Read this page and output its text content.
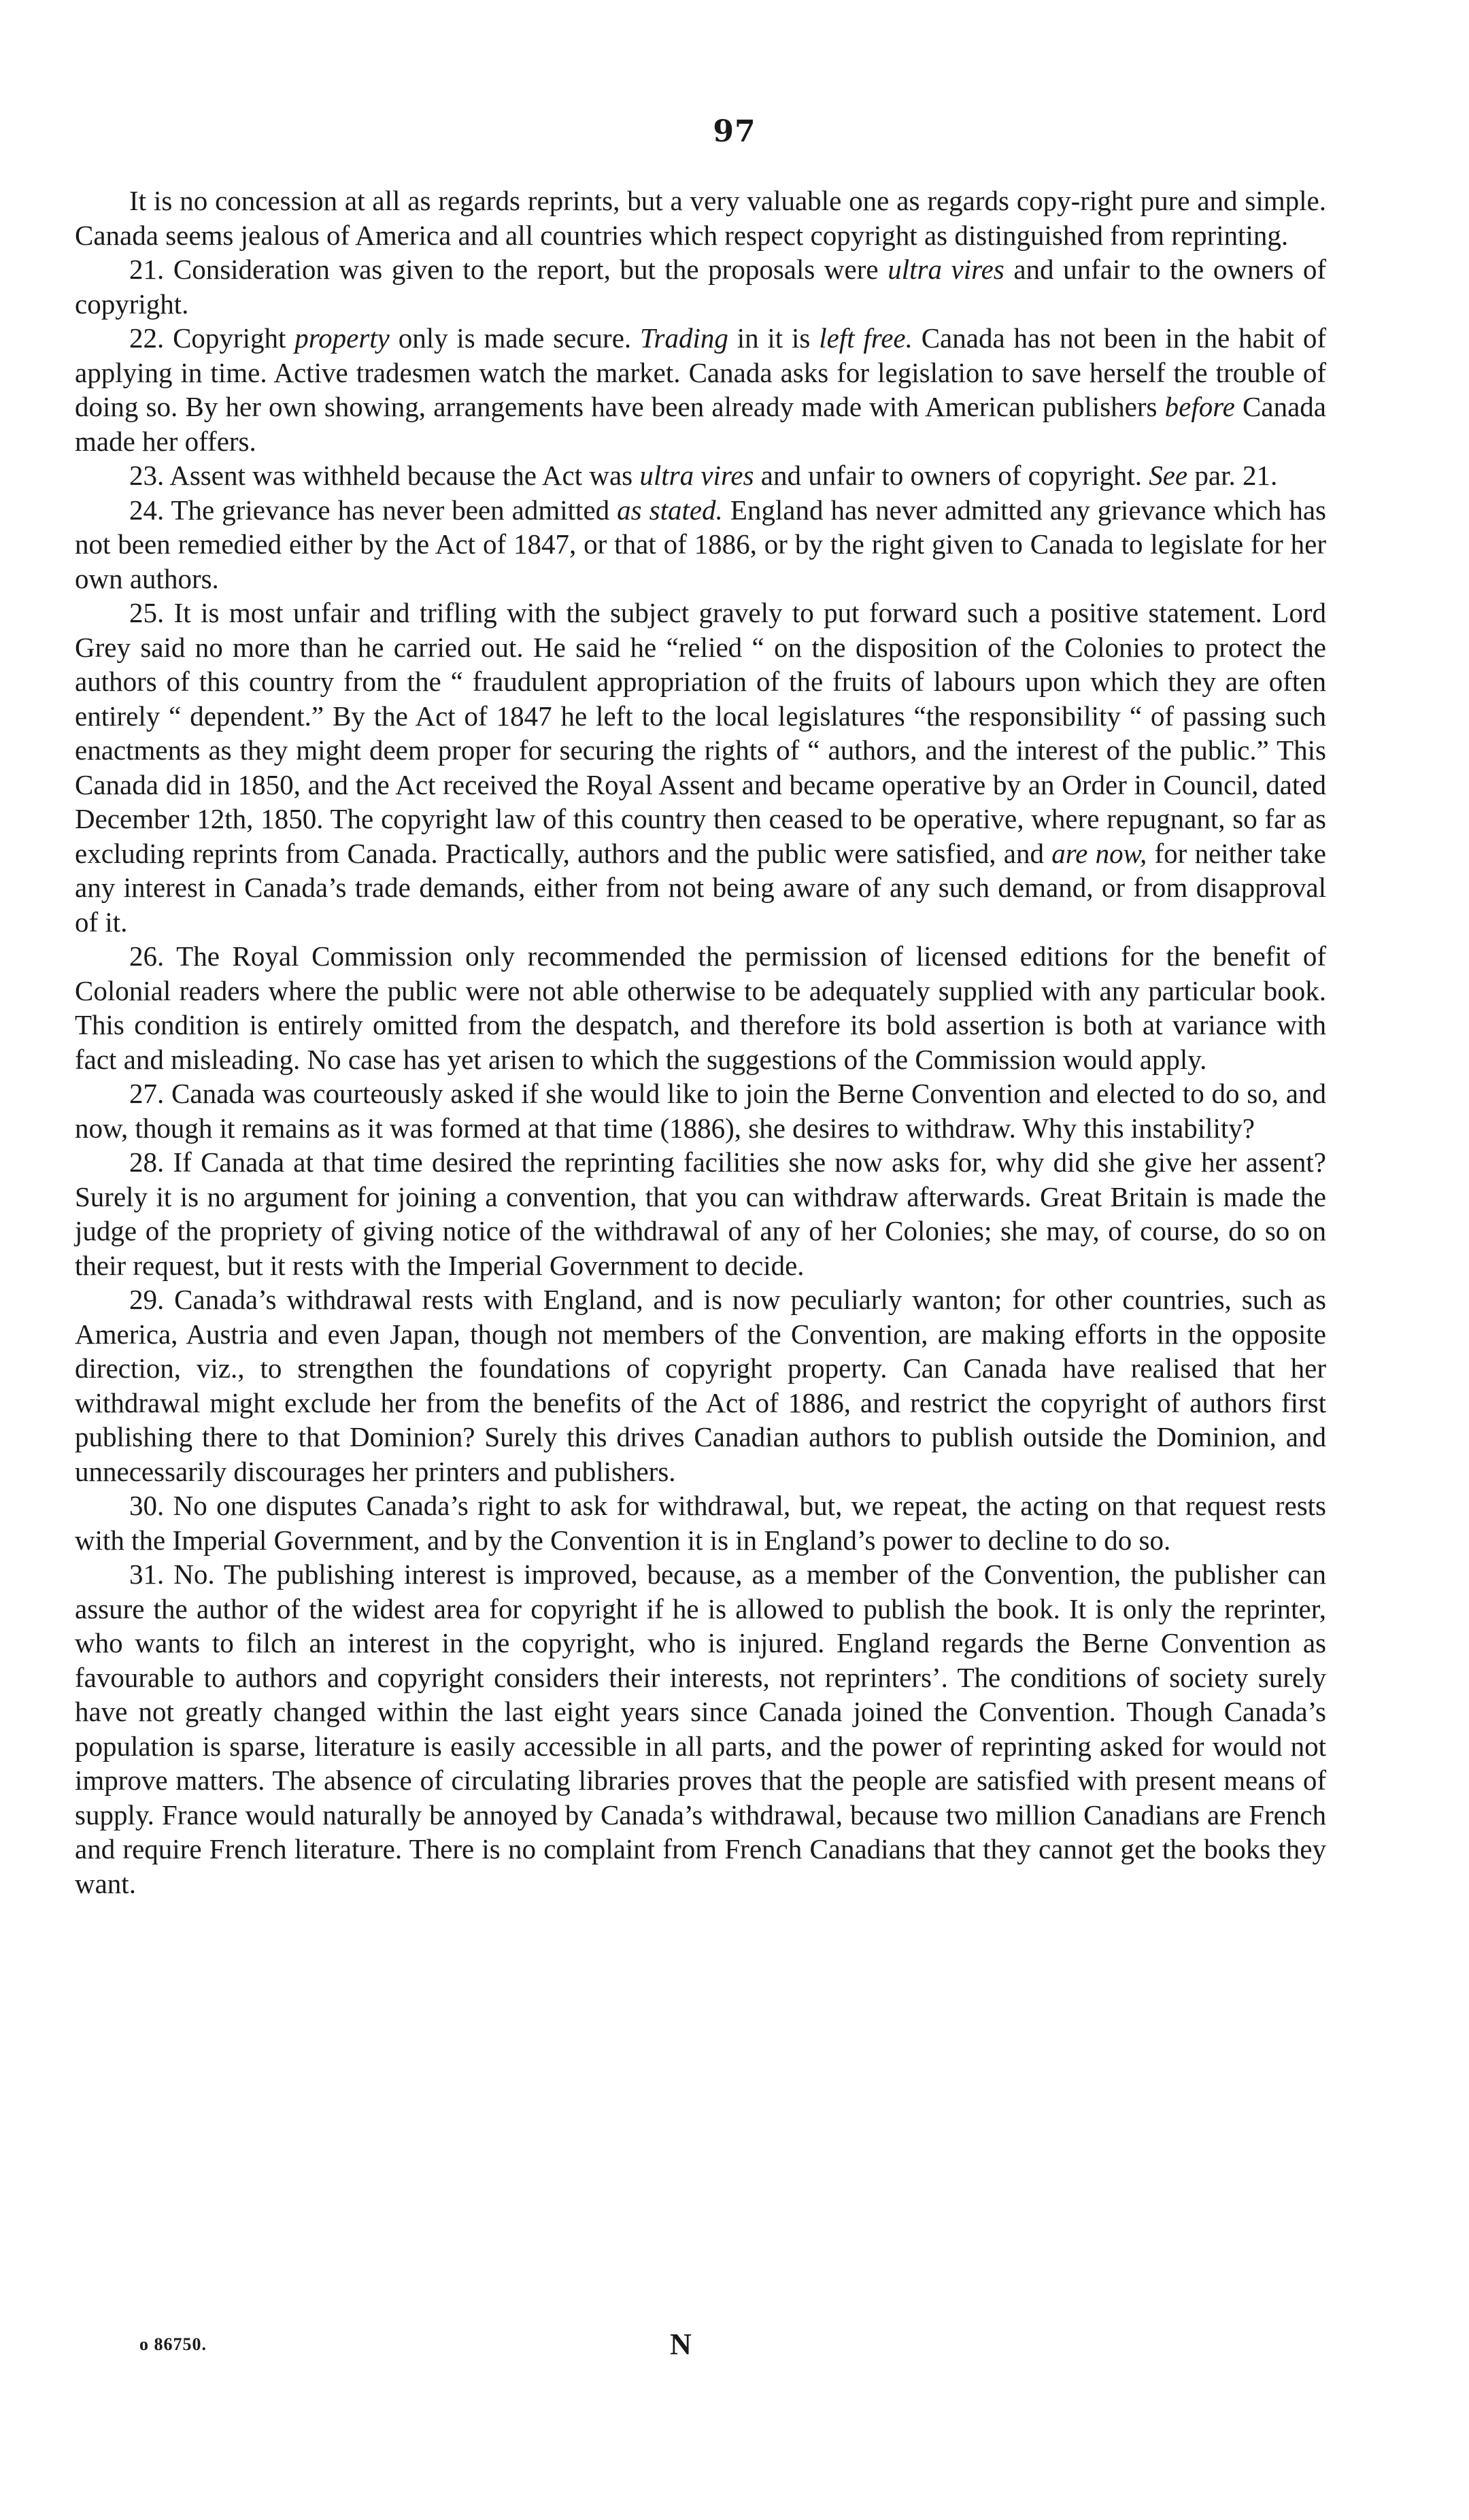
97

It is no concession at all as regards reprints, but a very valuable one as regards copy-right pure and simple. Canada seems jealous of America and all countries which respect copyright as distinguished from reprinting.

21. Consideration was given to the report, but the proposals were ultra vires and unfair to the owners of copyright.

22. Copyright property only is made secure. Trading in it is left free. Canada has not been in the habit of applying in time. Active tradesmen watch the market. Canada asks for legislation to save herself the trouble of doing so. By her own showing, arrangements have been already made with American publishers before Canada made her offers.

23. Assent was withheld because the Act was ultra vires and unfair to owners of copyright. See par. 21.

24. The grievance has never been admitted as stated. England has never admitted any grievance which has not been remedied either by the Act of 1847, or that of 1886, or by the right given to Canada to legislate for her own authors.

25. It is most unfair and trifling with the subject gravely to put forward such a positive statement. Lord Grey said no more than he carried out. He said he “relied “ on the disposition of the Colonies to protect the authors of this country from the “ fraudulent appropriation of the fruits of labours upon which they are often entirely “ dependent.” By the Act of 1847 he left to the local legislatures “the responsibility “ of passing such enactments as they might deem proper for securing the rights of “ authors, and the interest of the public.” This Canada did in 1850, and the Act received the Royal Assent and became operative by an Order in Council, dated December 12th, 1850. The copyright law of this country then ceased to be operative, where repugnant, so far as excluding reprints from Canada. Practically, authors and the public were satisfied, and are now, for neither take any interest in Canada’s trade demands, either from not being aware of any such demand, or from disapproval of it.

26. The Royal Commission only recommended the permission of licensed editions for the benefit of Colonial readers where the public were not able otherwise to be adequately supplied with any particular book. This condition is entirely omitted from the despatch, and therefore its bold assertion is both at variance with fact and misleading. No case has yet arisen to which the suggestions of the Commission would apply.

27. Canada was courteously asked if she would like to join the Berne Convention and elected to do so, and now, though it remains as it was formed at that time (1886), she desires to withdraw. Why this instability?

28. If Canada at that time desired the reprinting facilities she now asks for, why did she give her assent? Surely it is no argument for joining a convention, that you can withdraw afterwards. Great Britain is made the judge of the propriety of giving notice of the withdrawal of any of her Colonies; she may, of course, do so on their request, but it rests with the Imperial Government to decide.

29. Canada’s withdrawal rests with England, and is now peculiarly wanton; for other countries, such as America, Austria and even Japan, though not members of the Convention, are making efforts in the opposite direction, viz., to strengthen the foundations of copyright property. Can Canada have realised that her withdrawal might exclude her from the benefits of the Act of 1886, and restrict the copyright of authors first publishing there to that Dominion? Surely this drives Canadian authors to publish outside the Dominion, and unnecessarily discourages her printers and publishers.

30. No one disputes Canada’s right to ask for withdrawal, but, we repeat, the acting on that request rests with the Imperial Government, and by the Convention it is in England’s power to decline to do so.

31. No. The publishing interest is improved, because, as a member of the Convention, the publisher can assure the author of the widest area for copyright if he is allowed to publish the book. It is only the reprinter, who wants to filch an interest in the copyright, who is injured. England regards the Berne Convention as favourable to authors and copyright considers their interests, not reprinters’. The conditions of society surely have not greatly changed within the last eight years since Canada joined the Convention. Though Canada’s population is sparse, literature is easily accessible in all parts, and the power of reprinting asked for would not improve matters. The absence of circulating libraries proves that the people are satisfied with present means of supply. France would naturally be annoyed by Canada’s withdrawal, because two million Canadians are French and require French literature. There is no complaint from French Canadians that they cannot get the books they want.

o 86750.	N
